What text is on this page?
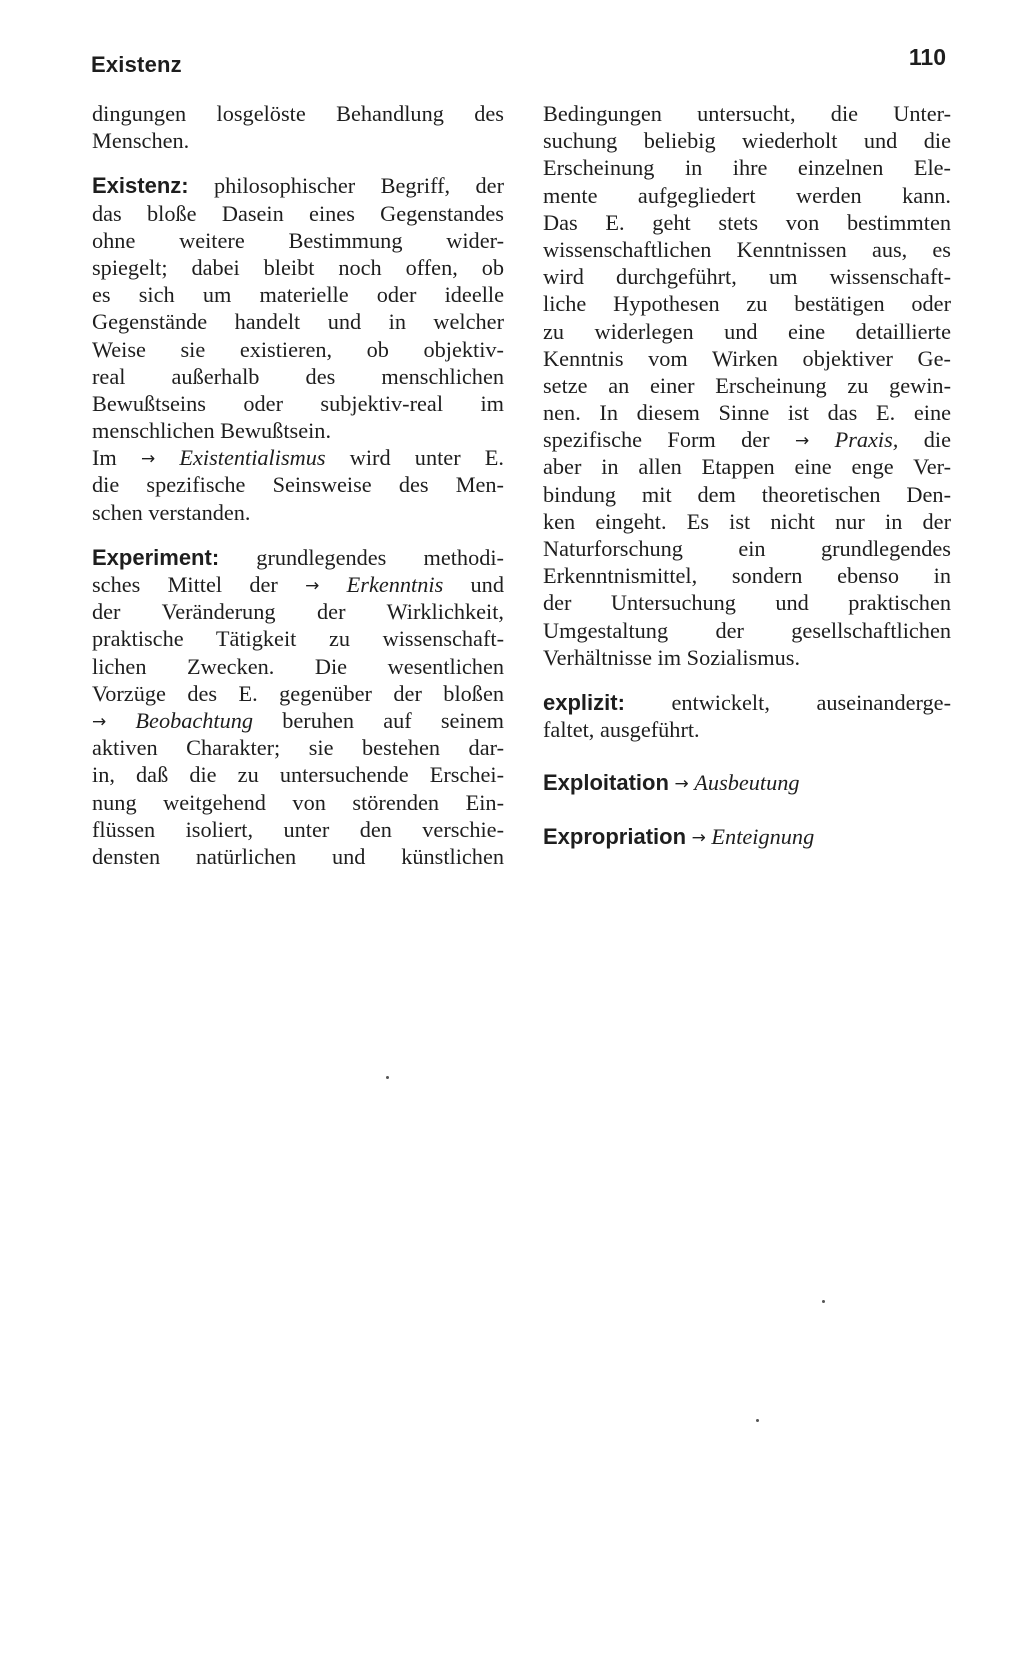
Existenz	110
dingungen losgelöste Behandlung des
Menschen.
Existenz: philosophischer Begriff, der
das bloße Dasein eines Gegenstandes
ohne weitere Bestimmung wider-
spiegelt; dabei bleibt noch offen, ob
es sich um materielle oder ideelle
Gegenstände handelt und in welcher
Weise sie existieren, ob objektiv-
real außerhalb des menschlichen
Bewußtseins oder subjektiv-real im
menschlichen Bewußtsein.
Im → Existentialismus wird unter E.
die spezifische Seinsweise des Men-
schen verstanden.
Experiment: grundlegendes methodi-
sches Mittel der → Erkenntnis und
der Veränderung der Wirklichkeit,
praktische Tätigkeit zu wissenschaft-
lichen Zwecken. Die wesentlichen
Vorzüge des E. gegenüber der bloßen
→ Beobachtung beruhen auf seinem
aktiven Charakter; sie bestehen dar-
in, daß die zu untersuchende Erschei-
nung weitgehend von störenden Ein-
flüssen isoliert, unter den verschie-
densten natürlichen und künstlichen
Bedingungen untersucht, die Unter-
suchung beliebig wiederholt und die
Erscheinung in ihre einzelnen Ele-
mente aufgegliedert werden kann.
Das E. geht stets von bestimmten
wissenschaftlichen Kenntnissen aus, es
wird durchgeführt, um wissenschaft-
liche Hypothesen zu bestätigen oder
zu widerlegen und eine detaillierte
Kenntnis vom Wirken objektiver Ge-
setze an einer Erscheinung zu gewin-
nen. In diesem Sinne ist das E. eine
spezifische Form der → Praxis, die
aber in allen Etappen eine enge Ver-
bindung mit dem theoretischen Den-
ken eingeht. Es ist nicht nur in der
Naturforschung ein grundlegendes
Erkenntnismittel, sondern ebenso in
der Untersuchung und praktischen
Umgestaltung der gesellschaftlichen
Verhältnisse im Sozialismus.
explizit: entwickelt, auseinanderge-
faltet, ausgeführt.
Exploitation → Ausbeutung
Expropriation → Enteignung
